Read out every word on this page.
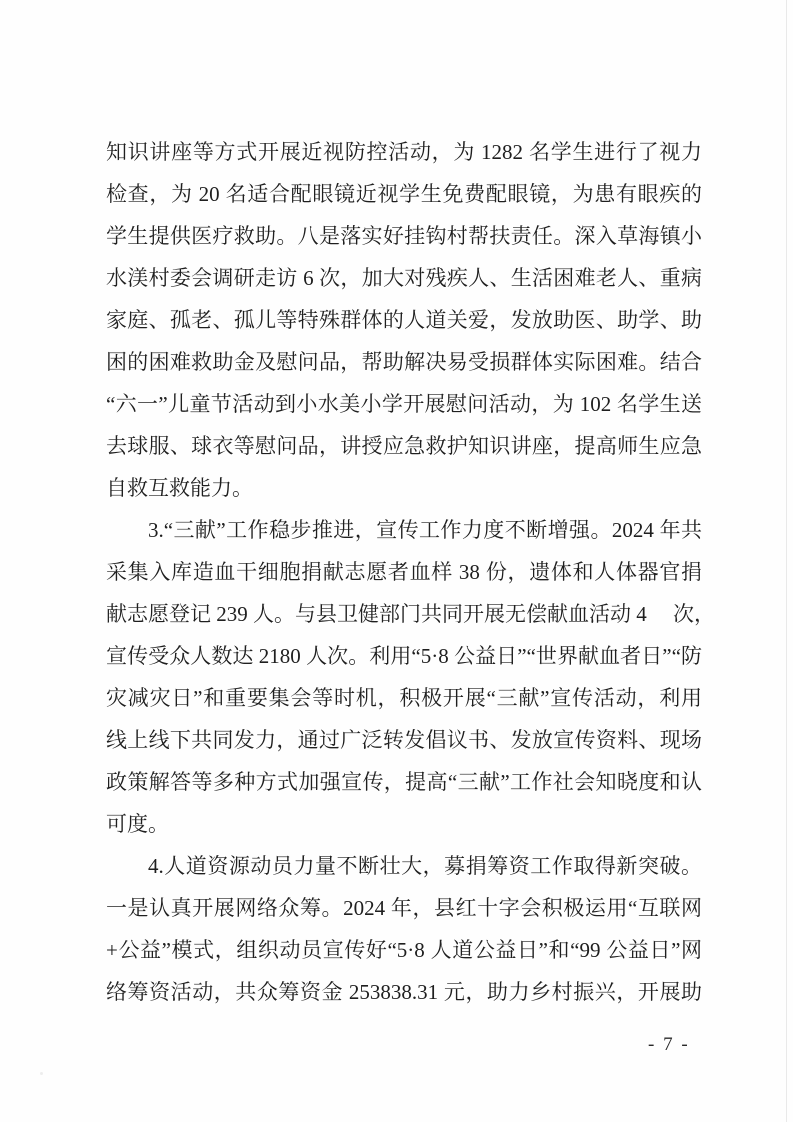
知识讲座等方式开展近视防控活动，为 1282 名学生进行了视力
检查，为 20 名适合配眼镜近视学生免费配眼镜，为患有眼疾的
学生提供医疗救助。八是落实好挂钩村帮扶责任。深入草海镇小
水渼村委会调研走访 6 次，加大对残疾人、生活困难老人、重病
家庭、孤老、孤儿等特殊群体的人道关爱，发放助医、助学、助
困的困难救助金及慰问品，帮助解决易受损群体实际困难。结合
“六一”儿童节活动到小水美小学开展慰问活动，为 102 名学生送
去球服、球衣等慰问品，讲授应急救护知识讲座，提高师生应急
自救互救能力。
3.“三献”工作稳步推进，宣传工作力度不断增强。2024 年共
采集入库造血干细胞捐献志愿者血样 38 份，遗体和人体器官捐
献志愿登记 239 人。与县卫健部门共同开展无偿献血活动 4　 次，
宣传受众人数达 2180 人次。利用“5·8 公益日”“世界献血者日”“防
灾减灾日”和重要集会等时机，积极开展“三献”宣传活动，利用
线上线下共同发力，通过广泛转发倡议书、发放宣传资料、现场
政策解答等多种方式加强宣传，提高“三献”工作社会知晓度和认
可度。
4.人道资源动员力量不断壮大，募捐筹资工作取得新突破。
一是认真开展网络众筹。2024 年，县红十字会积极运用“互联网
+公益”模式，组织动员宣传好“5·8 人道公益日”和“99 公益日”网
络筹资活动，共众筹资金 253838.31 元，助力乡村振兴，开展助
- 7 -
